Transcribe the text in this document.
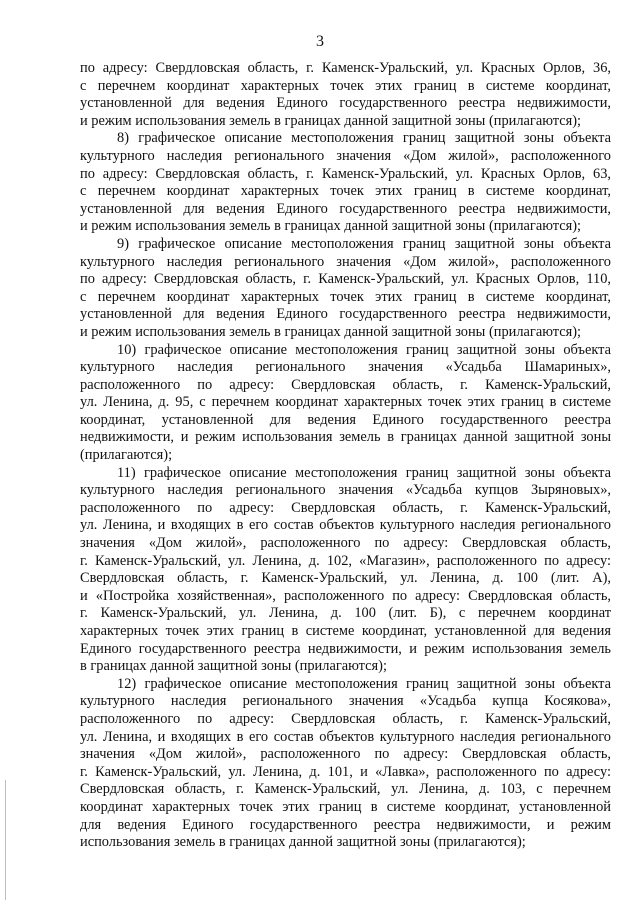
3
по адресу: Свердловская область, г. Каменск-Уральский, ул. Красных Орлов, 36,
с перечнем координат характерных точек этих границ в системе координат,
установленной для ведения Единого государственного реестра недвижимости,
и режим использования земель в границах данной защитной зоны (прилагаются);
8) графическое описание местоположения границ защитной зоны объекта
культурного наследия регионального значения «Дом жилой», расположенного
по адресу: Свердловская область, г. Каменск-Уральский, ул. Красных Орлов, 63,
с перечнем координат характерных точек этих границ в системе координат,
установленной для ведения Единого государственного реестра недвижимости,
и режим использования земель в границах данной защитной зоны (прилагаются);
9) графическое описание местоположения границ защитной зоны объекта
культурного наследия регионального значения «Дом жилой», расположенного
по адресу: Свердловская область, г. Каменск-Уральский, ул. Красных Орлов, 110,
с перечнем координат характерных точек этих границ в системе координат,
установленной для ведения Единого государственного реестра недвижимости,
и режим использования земель в границах данной защитной зоны (прилагаются);
10) графическое описание местоположения границ защитной зоны объекта
культурного наследия регионального значения «Усадьба Шамариных»,
расположенного по адресу: Свердловская область, г. Каменск-Уральский,
ул. Ленина, д. 95, с перечнем координат характерных точек этих границ в системе
координат, установленной для ведения Единого государственного реестра
недвижимости, и режим использования земель в границах данной защитной зоны
(прилагаются);
11) графическое описание местоположения границ защитной зоны объекта
культурного наследия регионального значения «Усадьба купцов Зыряновых»,
расположенного по адресу: Свердловская область, г. Каменск-Уральский,
ул. Ленина, и входящих в его состав объектов культурного наследия регионального
значения «Дом жилой», расположенного по адресу: Свердловская область,
г. Каменск-Уральский, ул. Ленина, д. 102, «Магазин», расположенного по адресу:
Свердловская область, г. Каменск-Уральский, ул. Ленина, д. 100 (лит. А),
и «Постройка хозяйственная», расположенного по адресу: Свердловская область,
г. Каменск-Уральский, ул. Ленина, д. 100 (лит. Б), с перечнем координат
характерных точек этих границ в системе координат, установленной для ведения
Единого государственного реестра недвижимости, и режим использования земель
в границах данной защитной зоны (прилагаются);
12) графическое описание местоположения границ защитной зоны объекта
культурного наследия регионального значения «Усадьба купца Косякова»,
расположенного по адресу: Свердловская область, г. Каменск-Уральский,
ул. Ленина, и входящих в его состав объектов культурного наследия регионального
значения «Дом жилой», расположенного по адресу: Свердловская область,
г. Каменск-Уральский, ул. Ленина, д. 101, и «Лавка», расположенного по адресу:
Свердловская область, г. Каменск-Уральский, ул. Ленина, д. 103, с перечнем
координат характерных точек этих границ в системе координат, установленной
для ведения Единого государственного реестра недвижимости, и режим
использования земель в границах данной защитной зоны (прилагаются);
